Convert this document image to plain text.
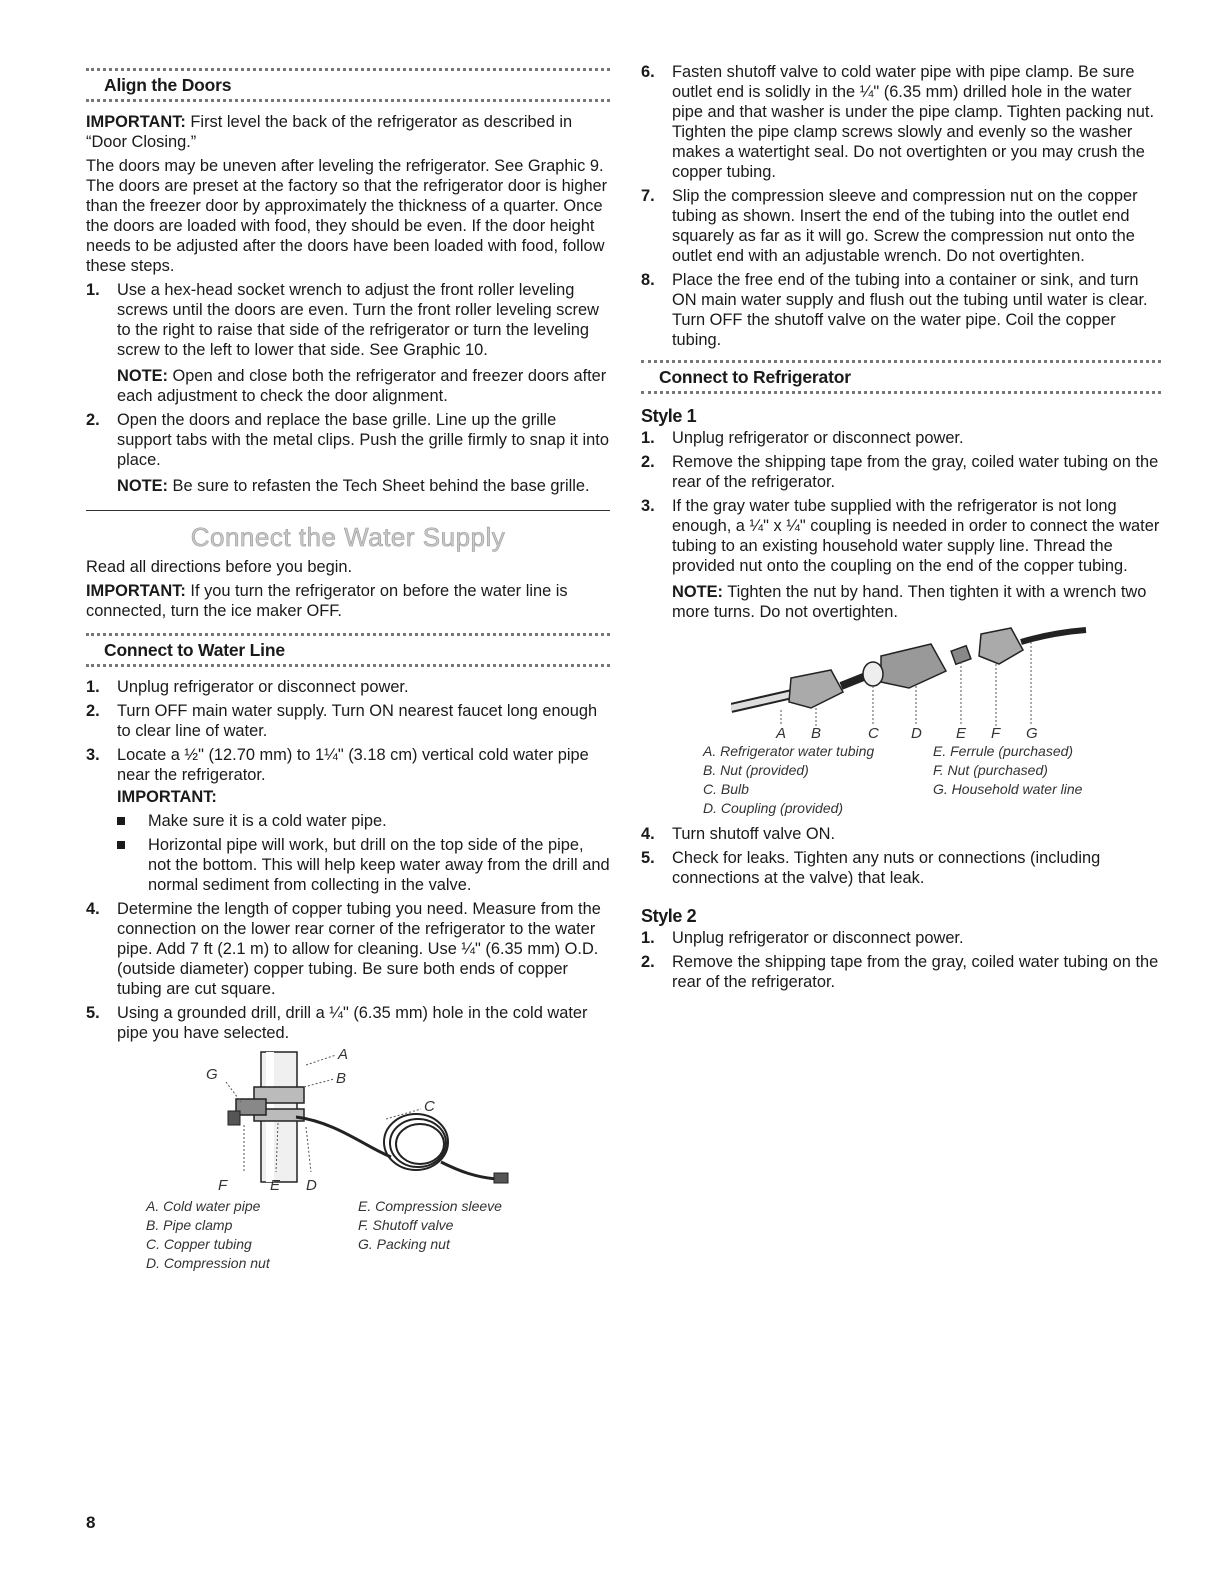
Align the Doors

IMPORTANT: First level the back of the refrigerator as described in “Door Closing.”

The doors may be uneven after leveling the refrigerator. See Graphic 9. The doors are preset at the factory so that the refrigerator door is higher than the freezer door by approximately the thickness of a quarter. Once the doors are loaded with food, they should be even. If the door height needs to be adjusted after the doors have been loaded with food, follow these steps.

1. Use a hex-head socket wrench to adjust the front roller leveling screws until the doors are even. Turn the front roller leveling screw to the right to raise that side of the refrigerator or turn the leveling screw to the left to lower that side. See Graphic 10.
NOTE: Open and close both the refrigerator and freezer doors after each adjustment to check the door alignment.
2. Open the doors and replace the base grille. Line up the grille support tabs with the metal clips. Push the grille firmly to snap it into place.
NOTE: Be sure to refasten the Tech Sheet behind the base grille.
Connect the Water Supply

Read all directions before you begin.

IMPORTANT: If you turn the refrigerator on before the water line is connected, turn the ice maker OFF.

Connect to Water Line
1. Unplug refrigerator or disconnect power.
2. Turn OFF main water supply. Turn ON nearest faucet long enough to clear line of water.
3. Locate a ½" (12.70 mm) to 1¼" (3.18 cm) vertical cold water pipe near the refrigerator.
IMPORTANT:
Make sure it is a cold water pipe.
Horizontal pipe will work, but drill on the top side of the pipe, not the bottom. This will help keep water away from the drill and normal sediment from collecting in the valve.
4. Determine the length of copper tubing you need. Measure from the connection on the lower rear corner of the refrigerator to the water pipe. Add 7 ft (2.1 m) to allow for cleaning. Use ¼" (6.35 mm) O.D. (outside diameter) copper tubing. Be sure both ends of copper tubing are cut square.
5. Using a grounded drill, drill a ¼" (6.35 mm) hole in the cold water pipe you have selected.
A
B
C
G
F	E D
A. Cold water pipe	E. Compression sleeve
B. Pipe clamp	F. Shutoff valve
C. Copper tubing	G. Packing nut
D. Compression nut
6. Fasten shutoff valve to cold water pipe with pipe clamp. Be sure outlet end is solidly in the ¼" (6.35 mm) drilled hole in the water pipe and that washer is under the pipe clamp. Tighten packing nut. Tighten the pipe clamp screws slowly and evenly so the washer makes a watertight seal. Do not overtighten or you may crush the copper tubing.
7. Slip the compression sleeve and compression nut on the copper tubing as shown. Insert the end of the tubing into the outlet end squarely as far as it will go. Screw the compression nut onto the outlet end with an adjustable wrench. Do not overtighten.
8. Place the free end of the tubing into a container or sink, and turn ON main water supply and flush out the tubing until water is clear. Turn OFF the shutoff valve on the water pipe. Coil the copper tubing.
Connect to Refrigerator
Style 1
1. Unplug refrigerator or disconnect power.
2. Remove the shipping tape from the gray, coiled water tubing on the rear of the refrigerator.
3. If the gray water tube supplied with the refrigerator is not long enough, a ¼" x ¼" coupling is needed in order to connect the water tubing to an existing household water supply line. Thread the provided nut onto the coupling on the end of the copper tubing.
NOTE: Tighten the nut by hand. Then tighten it with a wrench two more turns. Do not overtighten.
A B	C D E F G
A. Refrigerator water tubing	E. Ferrule (purchased)
B. Nut (provided)	F. Nut (purchased)
C. Bulb	G. Household water line
D. Coupling (provided)
4. Turn shutoff valve ON.
5. Check for leaks. Tighten any nuts or connections (including connections at the valve) that leak.
Style 2
1. Unplug refrigerator or disconnect power.
2. Remove the shipping tape from the gray, coiled water tubing on the rear of the refrigerator.
8
